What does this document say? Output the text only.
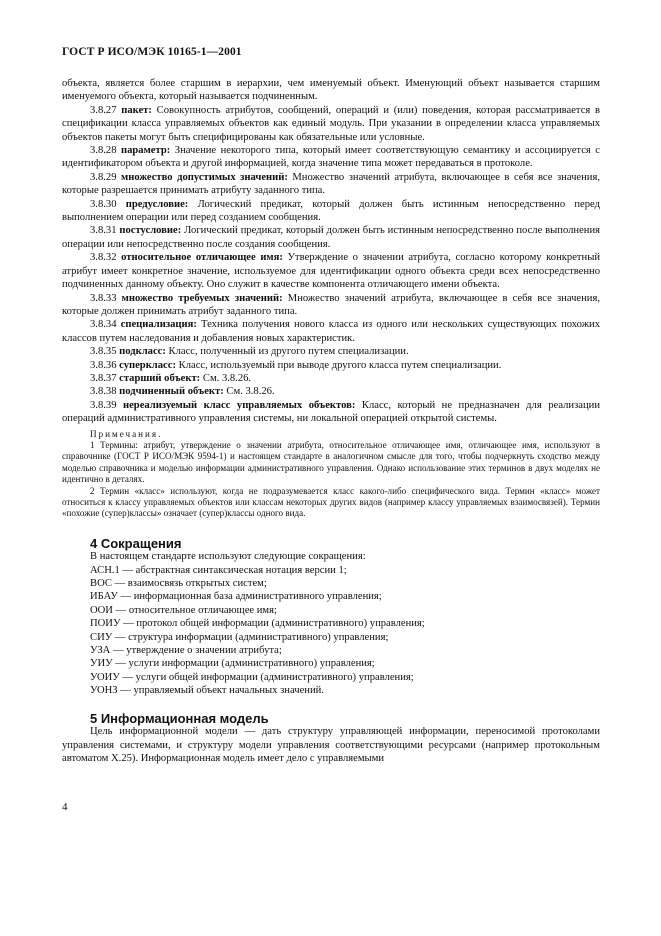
ГОСТ Р ИСО/МЭК 10165-1—2001

объекта, является более старшим в иерархии, чем именуемый объект. Именующий объект называется старшим именуемого объекта, который называется подчиненным.

3.8.27 пакет: Совокупность атрибутов, сообщений, операций и (или) поведения, которая рассматривается в спецификации класса управляемых объектов как единый модуль. При указании в определении класса управляемых объектов пакеты могут быть специфицированы как обязательные или условные.

3.8.28 параметр: Значение некоторого типа, который имеет соответствующую семантику и ассоциируется с идентификатором объекта и другой информацией, когда значение типа может передаваться в протоколе.

3.8.29 множество допустимых значений: Множество значений атрибута, включающее в себя все значения, которые разрешается принимать атрибуту заданного типа.

3.8.30 предусловие: Логический предикат, который должен быть истинным непосредственно перед выполнением операции или перед созданием сообщения.

3.8.31 постусловие: Логический предикат, который должен быть истинным непосредственно после выполнения операции или непосредственно после создания сообщения.

3.8.32 относительное отличающее имя: Утверждение о значении атрибута, согласно которому конкретный атрибут имеет конкретное значение, используемое для идентификации одного объекта среди всех непосредственно подчиненных данному объекту. Оно служит в качестве компонента отличающего имени объекта.

3.8.33 множество требуемых значений: Множество значений атрибута, включающее в себя все значения, которые должен принимать атрибут заданного типа.

3.8.34 специализация: Техника получения нового класса из одного или нескольких существующих похожих классов путем наследования и добавления новых характеристик.

3.8.35 подкласс: Класс, полученный из другого путем специализации.

3.8.36 суперкласс: Класс, используемый при выводе другого класса путем специализации.

3.8.37 старший объект: См. 3.8.26.

3.8.38 подчиненный объект: См. 3.8.26.

3.8.39 нереализуемый класс управляемых объектов: Класс, который не предназначен для реализации операций административного управления системы, ни локальной операцией открытой системы.

Примечания.

1 Термины: атрибут, утверждение о значении атрибута, относительное отличающее имя, отличающее имя, используют в справочнике (ГОСТ Р ИСО/МЭК 9594-1) и настоящем стандарте в аналогичном смысле для того, чтобы подчеркнуть сходство между моделью справочника и моделью информации административного управления. Однако использование этих терминов в двух моделях не идентично в деталях.

2 Термин «класс» используют, когда не подразумевается класс какого-либо специфического вида. Термин «класс» может относиться к классу управляемых объектов или классам некоторых других видов (например классу управляемых взаимосвязей). Термин «похожие (супер)классы» означает (супер)классы одного вида.

4 Сокращения

В настоящем стандарте используют следующие сокращения:

АСН.1 — абстрактная синтаксическая нотация версии 1;

ВОС — взаимосвязь открытых систем;

ИБАУ — информационная база административного управления;

ООИ — относительное отличающее имя;

ПОИУ — протокол общей информации (административного) управления;

СИУ — структура информации (административного) управления;

УЗА — утверждение о значении атрибута;

УИУ — услуги информации (административного) управления;

УОИУ — услуги общей информации (административного) управления;

УОНЗ — управляемый объект начальных значений.

5 Информационная модель

Цель информационной модели — дать структуру управляющей информации, переносимой протоколами управления системами, и структуру модели управления соответствующими ресурсами (например протокольным автоматом Х.25). Информационная модель имеет дело с управляемыми

4
